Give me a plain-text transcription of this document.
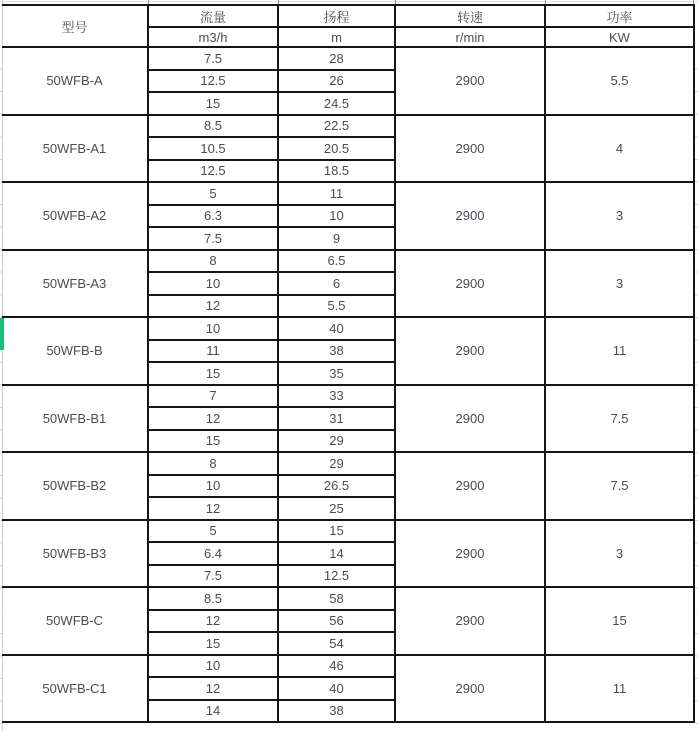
型号	流量	扬程	转速	功率
	m3/h	m	r/min	KW
50WFB-A	7.5	28	2900	5.5
	12.5	26		
	15	24.5		
50WFB-A1	8.5	22.5	2900	4
	10.5	20.5		
	12.5	18.5		
50WFB-A2	5	11	2900	3
	6.3	10		
	7.5	9		
50WFB-A3	8	6.5	2900	3
	10	6		
	12	5.5		
50WFB-B	10	40	2900	11
	11	38		
	15	35		
50WFB-B1	7	33	2900	7.5
	12	31		
	15	29		
50WFB-B2	8	29	2900	7.5
	10	26.5		
	12	25		
50WFB-B3	5	15	2900	3
	6.4	14		
	7.5	12.5		
50WFB-C	8.5	58	2900	15
	12	56		
	15	54		
50WFB-C1	10	46	2900	11
	12	40		
	14	38		
